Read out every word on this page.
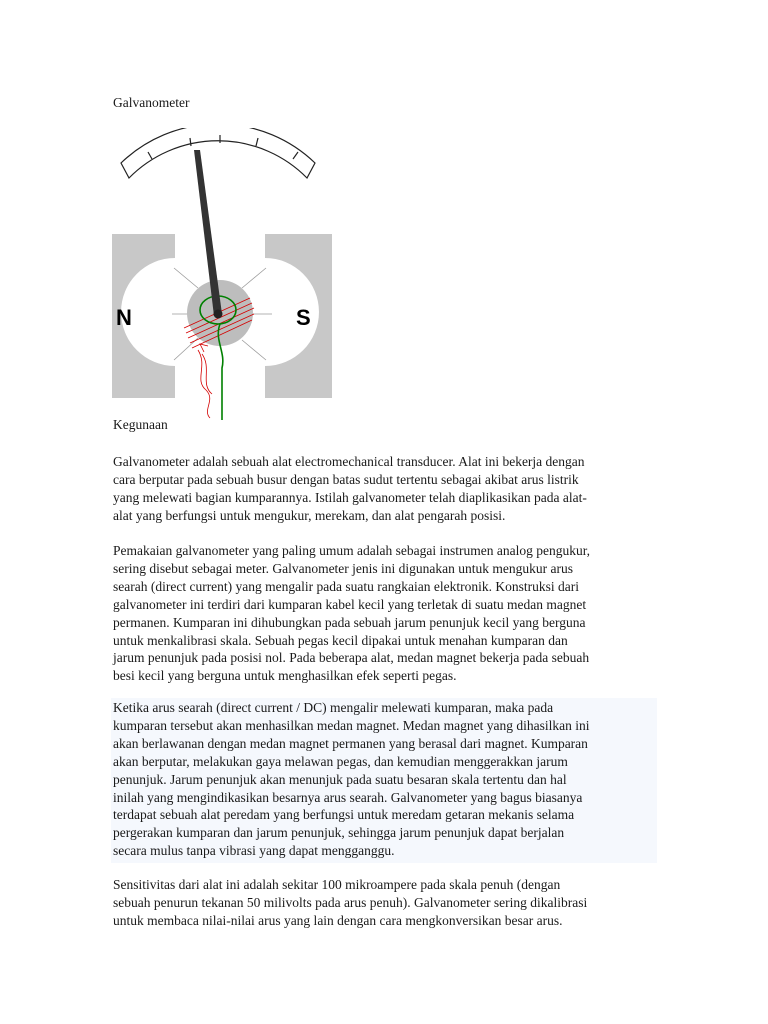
Galvanometer
N	S
Kegunaan

Galvanometer adalah sebuah alat electromechanical transducer. Alat ini bekerja dengan
cara berputar pada sebuah busur dengan batas sudut tertentu sebagai akibat arus listrik
yang melewati bagian kumparannya. Istilah galvanometer telah diaplikasikan pada alat-
alat yang berfungsi untuk mengukur, merekam, dan alat pengarah posisi.

Pemakaian galvanometer yang paling umum adalah sebagai instrumen analog pengukur,
sering disebut sebagai meter. Galvanometer jenis ini digunakan untuk mengukur arus
searah (direct current) yang mengalir pada suatu rangkaian elektronik. Konstruksi dari
galvanometer ini terdiri dari kumparan kabel kecil yang terletak di suatu medan magnet
permanen. Kumparan ini dihubungkan pada sebuah jarum penunjuk kecil yang berguna
untuk menkalibrasi skala. Sebuah pegas kecil dipakai untuk menahan kumparan dan
jarum penunjuk pada posisi nol. Pada beberapa alat, medan magnet bekerja pada sebuah
besi kecil yang berguna untuk menghasilkan efek seperti pegas.

Ketika arus searah (direct current / DC) mengalir melewati kumparan, maka pada
kumparan tersebut akan menhasilkan medan magnet. Medan magnet yang dihasilkan ini
akan berlawanan dengan medan magnet permanen yang berasal dari magnet. Kumparan
akan berputar, melakukan gaya melawan pegas, dan kemudian menggerakkan jarum
penunjuk. Jarum penunjuk akan menunjuk pada suatu besaran skala tertentu dan hal
inilah yang mengindikasikan besarnya arus searah. Galvanometer yang bagus biasanya
terdapat sebuah alat peredam yang berfungsi untuk meredam getaran mekanis selama
pergerakan kumparan dan jarum penunjuk, sehingga jarum penunjuk dapat berjalan
secara mulus tanpa vibrasi yang dapat mengganggu.

Sensitivitas dari alat ini adalah sekitar 100 mikroampere pada skala penuh (dengan
sebuah penurun tekanan 50 milivolts pada arus penuh). Galvanometer sering dikalibrasi
untuk membaca nilai-nilai arus yang lain dengan cara mengkonversikan besar arus.
